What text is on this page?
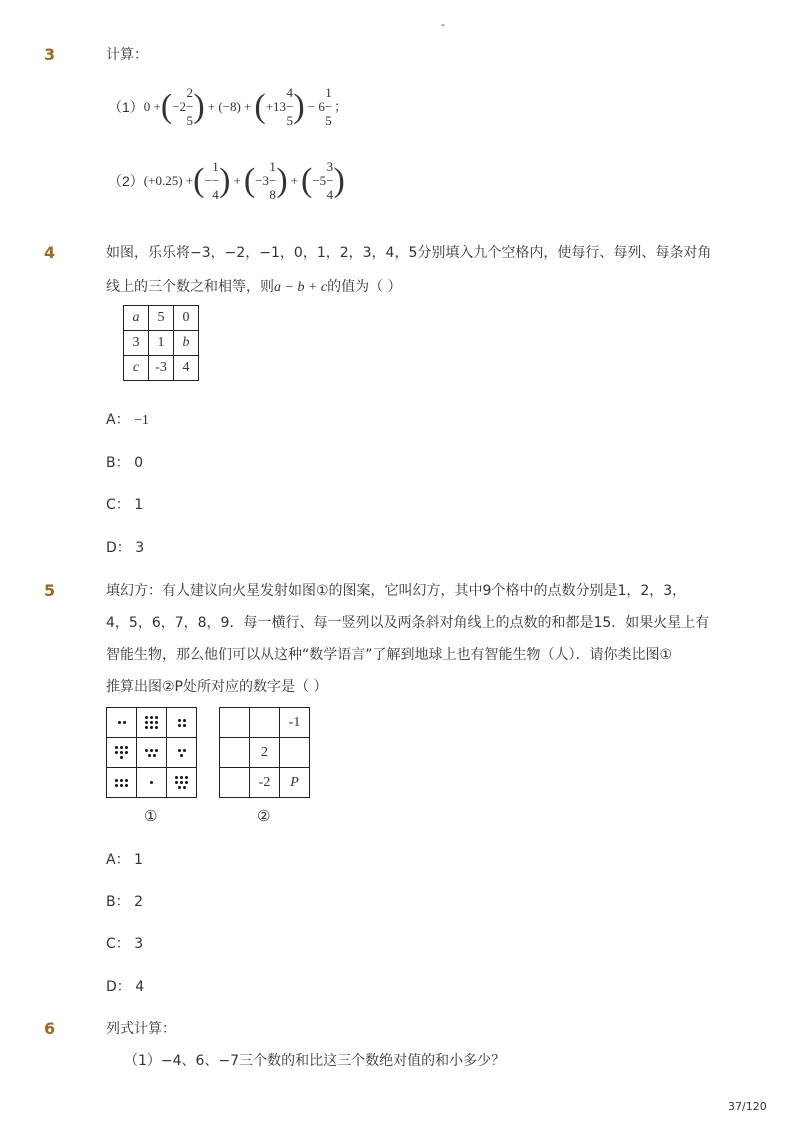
-
3	计算：
（1） 0 + ( −2
2
−
5 ) + (−8) + ( +13
4
−
5 ) − 6
1
−
5
；
（2） (+0.25) + ( −
1
−
4 ) + ( −3
1
−
8 ) + ( −5
3
−
4 )
4	如图，乐乐将−3，−2，−1，0，1，2，3，4，5分别填入九个空格内，使每行、每列、每条对角
线上的三个数之和相等，则a − b + c的值为（ ）
a	5	0
3	1	b
c	-3	4
A： −1
B： 0
C： 1
D： 3
5	填幻方：有人建议向火星发射如图①的图案，它叫幻方，其中9个格中的点数分别是1，2，3，
4，5，6，7，8，9．每一横行、每一竖列以及两条斜对角线上的点数的和都是15．如果火星上有
智能生物，那么他们可以从这种“数学语言”了解到地球上也有智能生物（人）．请你类比图①
推算出图②P处所对应的数字是（ ）

①
		-1
	2	
	-2	P
②
A： 1
B： 2
C： 3
D： 4
6	列式计算：
（1）−4、6、−7三个数的和比这三个数绝对值的和小多少？
37/120
